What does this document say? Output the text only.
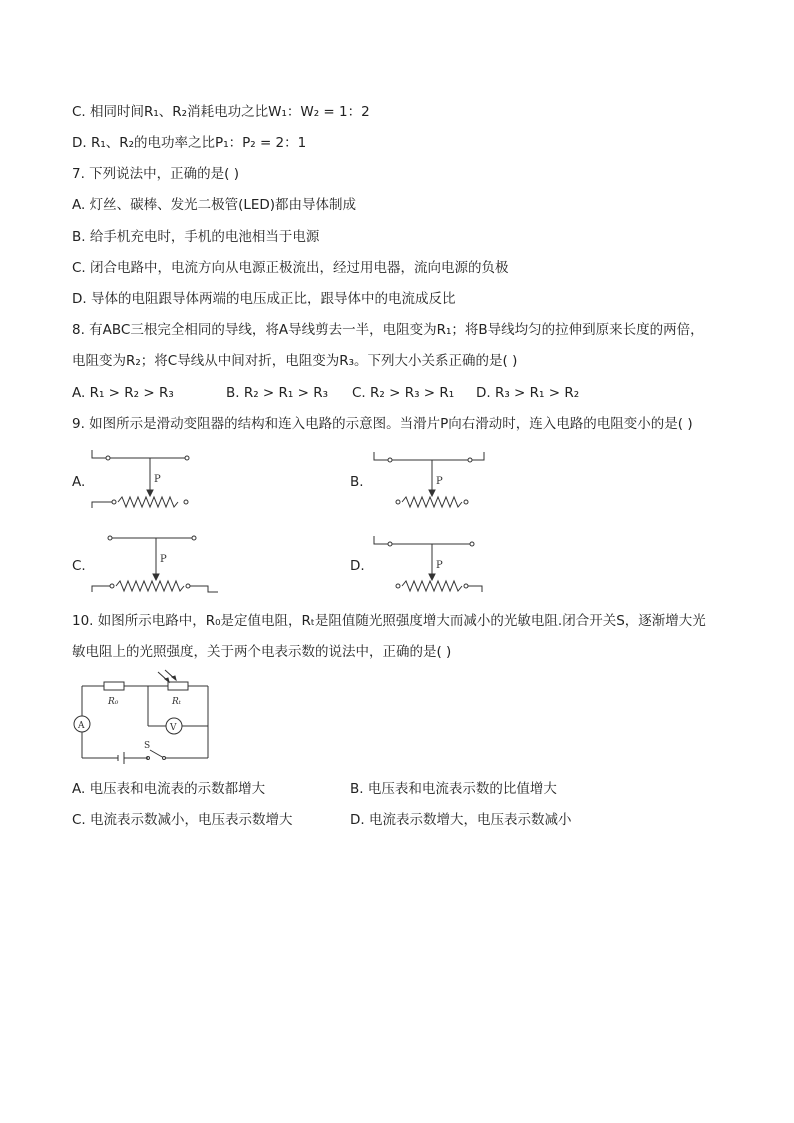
C. 相同时间R₁、R₂消耗电功之比W₁：W₂ = 1：2
D. R₁、R₂的电功率之比P₁：P₂ = 2：1
7. 下列说法中，正确的是( )
A. 灯丝、碳棒、发光二极管(LED)都由导体制成
B. 给手机充电时，手机的电池相当于电源
C. 闭合电路中，电流方向从电源正极流出，经过用电器，流向电源的负极
D. 导体的电阻跟导体两端的电压成正比，跟导体中的电流成反比
8. 有ABC三根完全相同的导线，将A导线剪去一半，电阻变为R₁；将B导线均匀的拉伸到原来长度的两倍，
电阻变为R₂；将C导线从中间对折，电阻变为R₃。下列大小关系正确的是( )
A. R₁ > R₂ > R₃	B. R₂ > R₁ > R₃ C. R₂ > R₃ > R₁ D. R₃ > R₁ > R₂
9. 如图所示是滑动变阻器的结构和连入电路的示意图。当滑片P向右滑动时，连入电路的电阻变小的是( )
A.	B.
C.	D.
P	P
P
P
10. 如图所示电路中，R₀是定值电阻，Rₜ是阻值随光照强度增大而减小的光敏电阻.闭合开关S，逐渐增大光
敏电阻上的光照强度，关于两个电表示数的说法中，正确的是( )
R₀	Rₜ
A	V
S
A. 电压表和电流表的示数都增大	B. 电压表和电流表示数的比值增大
C. 电流表示数减小，电压表示数增大	D. 电流表示数增大，电压表示数减小
